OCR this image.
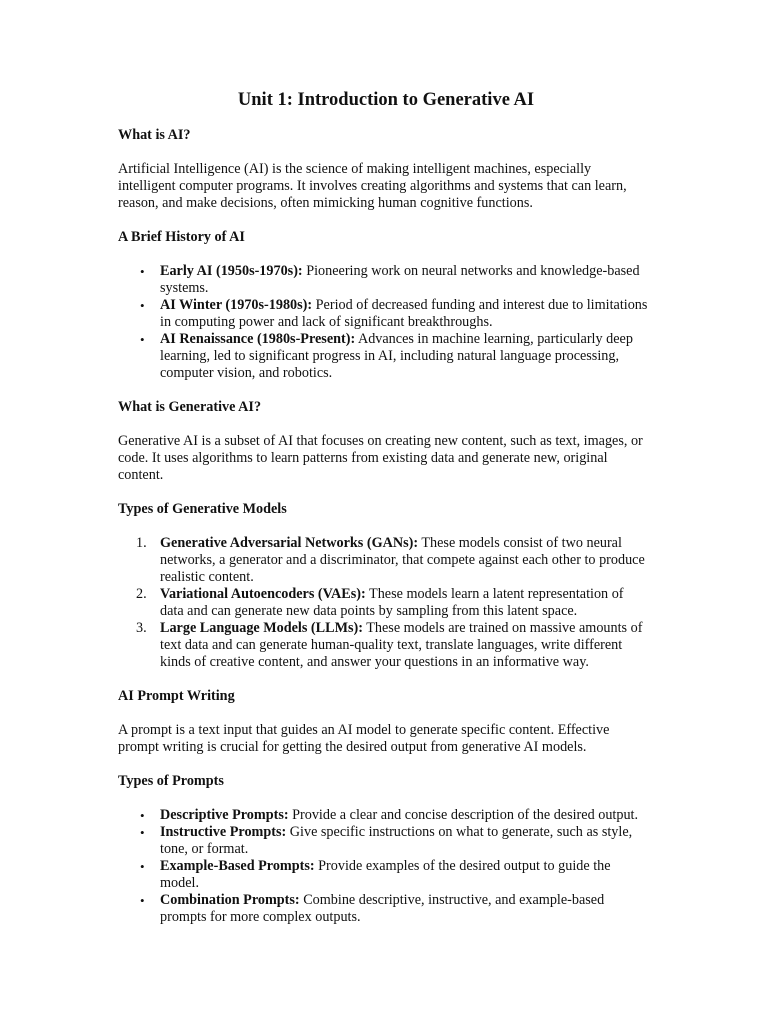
Unit 1: Introduction to Generative AI
What is AI?

Artificial Intelligence (AI) is the science of making intelligent machines, especially intelligent computer programs. It involves creating algorithms and systems that can learn, reason, and make decisions, often mimicking human cognitive functions.

A Brief History of AI
• Early AI (1950s-1970s): Pioneering work on neural networks and knowledge-based systems.
• AI Winter (1970s-1980s): Period of decreased funding and interest due to limitations in computing power and lack of significant breakthroughs.
• AI Renaissance (1980s-Present): Advances in machine learning, particularly deep learning, led to significant progress in AI, including natural language processing, computer vision, and robotics.
What is Generative AI?

Generative AI is a subset of AI that focuses on creating new content, such as text, images, or code. It uses algorithms to learn patterns from existing data and generate new, original content.

Types of Generative Models
1. Generative Adversarial Networks (GANs): These models consist of two neural networks, a generator and a discriminator, that compete against each other to produce realistic content.
2. Variational Autoencoders (VAEs): These models learn a latent representation of data and can generate new data points by sampling from this latent space.
3. Large Language Models (LLMs): These models are trained on massive amounts of text data and can generate human-quality text, translate languages, write different kinds of creative content, and answer your questions in an informative way.
AI Prompt Writing

A prompt is a text input that guides an AI model to generate specific content. Effective prompt writing is crucial for getting the desired output from generative AI models.

Types of Prompts
• Descriptive Prompts: Provide a clear and concise description of the desired output.
• Instructive Prompts: Give specific instructions on what to generate, such as style, tone, or format.
• Example-Based Prompts: Provide examples of the desired output to guide the model.
• Combination Prompts: Combine descriptive, instructive, and example-based prompts for more complex outputs.
